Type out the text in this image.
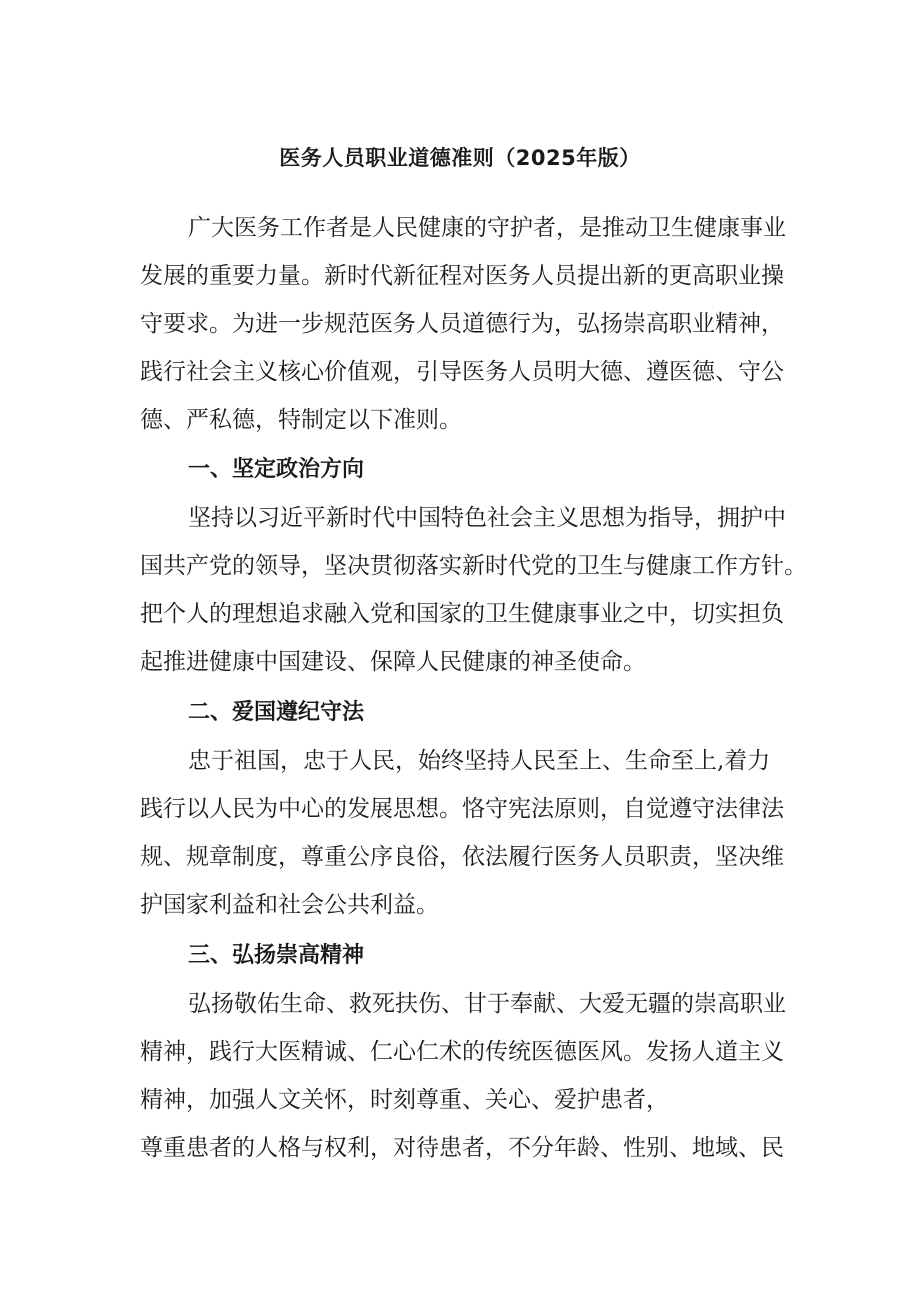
医务人员职业道德准则（2025年版）
广大医务工作者是人民健康的守护者，是推动卫生健康事业
发展的重要力量。新时代新征程对医务人员提出新的更高职业操
守要求。为进一步规范医务人员道德行为，弘扬崇高职业精神，
践行社会主义核心价值观，引导医务人员明大德、遵医德、守公
德、严私德，特制定以下准则。
一、坚定政治方向
坚持以习近平新时代中国特色社会主义思想为指导，拥护中
国共产党的领导，坚决贯彻落实新时代党的卫生与健康工作方针。
把个人的理想追求融入党和国家的卫生健康事业之中，切实担负
起推进健康中国建设、保障人民健康的神圣使命。
二、爱国遵纪守法
忠于祖国，忠于人民，始终坚持人民至上、生命至上,着力
践行以人民为中心的发展思想。恪守宪法原则，自觉遵守法律法
规、规章制度，尊重公序良俗，依法履行医务人员职责，坚决维
护国家利益和社会公共利益。
三、弘扬崇高精神
弘扬敬佑生命、救死扶伤、甘于奉献、大爱无疆的崇高职业
精神，践行大医精诚、仁心仁术的传统医德医风。发扬人道主义
精神，加强人文关怀，时刻尊重、关心、爱护患者，
尊重患者的人格与权利，对待患者，不分年龄、性别、地域、民
